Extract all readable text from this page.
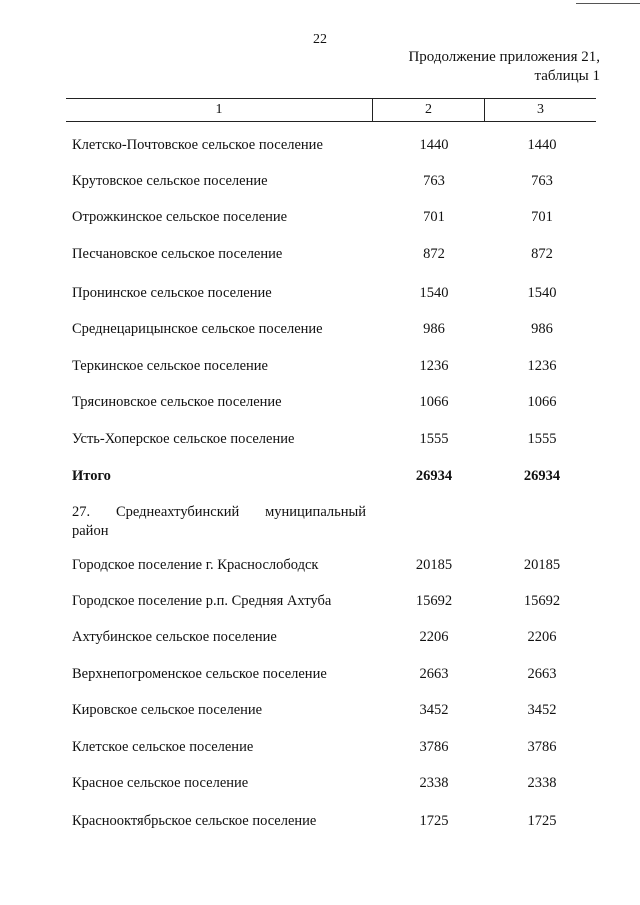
22
Продолжение приложения 21,
таблицы 1
1	2	3
Клетско-Почтовское сельское поселение	1440	1440
Крутовское сельское поселение	763	763
Отрожкинское сельское поселение	701	701
Песчановское сельское поселение	872	872
Пронинское сельское поселение	1540	1540
Среднецарицынское сельское поселение	986	986
Теркинское сельское поселение	1236	1236
Трясиновское сельское поселение	1066	1066
Усть-Хоперское сельское поселение	1555	1555
Итого	26934	26934
27. Среднеахтубинский муниципальный
район
Городское поселение г. Краснослободск	20185	20185
Городское поселение р.п. Средняя Ахтуба	15692	15692
Ахтубинское сельское поселение	2206	2206
Верхнепогроменское сельское поселение	2663	2663
Кировское сельское поселение	3452	3452
Клетское сельское поселение	3786	3786
Красное сельское поселение	2338	2338
Краснооктябрьское сельское поселение	1725	1725
